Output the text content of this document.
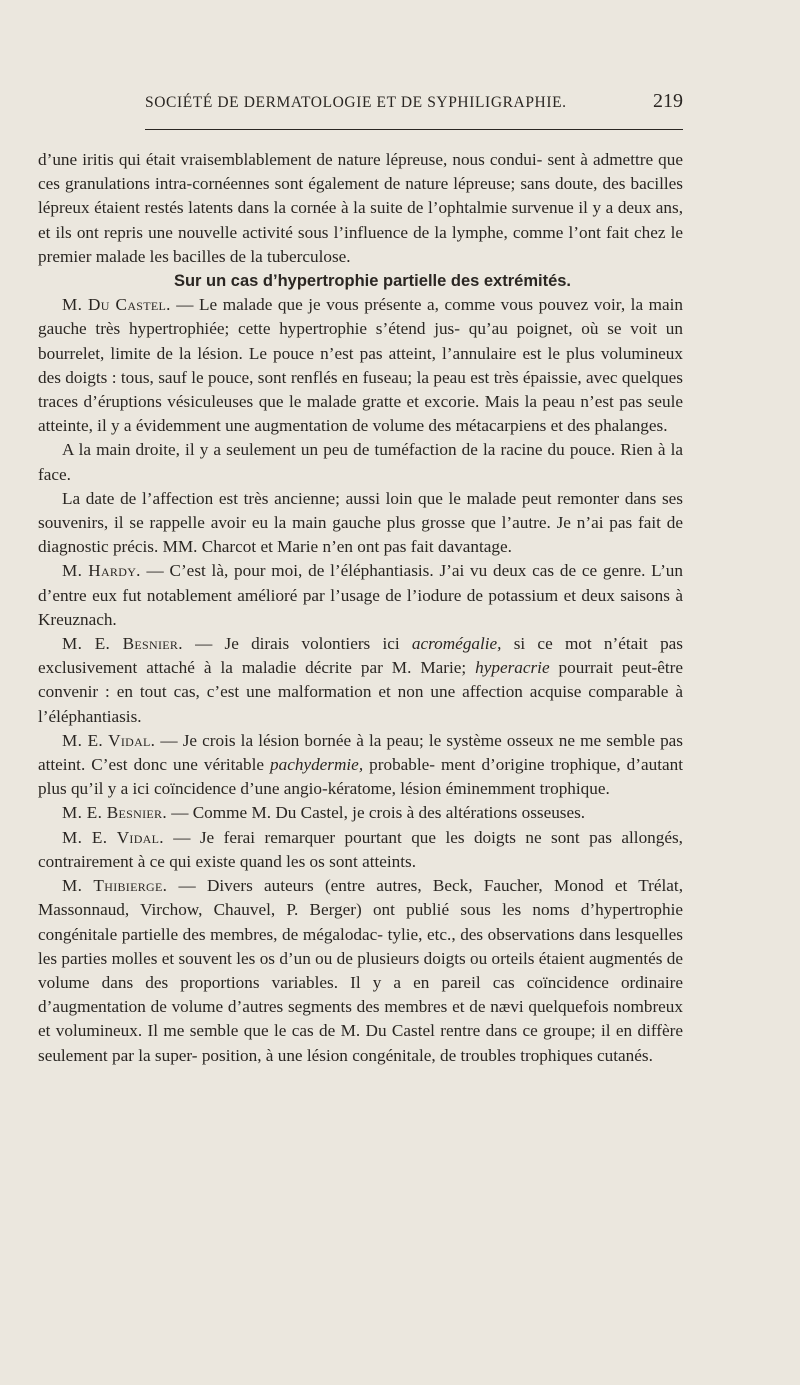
SOCIÉTÉ DE DERMATOLOGIE ET DE SYPHILIGRAPHIE.	219

d’une iritis qui était vraisemblablement de nature lépreuse, nous condui- sent à admettre que ces granulations intra-cornéennes sont également de nature lépreuse; sans doute, des bacilles lépreux étaient restés latents dans la cornée à la suite de l’ophtalmie survenue il y a deux ans, et ils ont repris une nouvelle activité sous l’influence de la lymphe, comme l’ont fait chez le premier malade les bacilles de la tuberculose.

Sur un cas d’hypertrophie partielle des extrémités.

M. Du Castel. — Le malade que je vous présente a, comme vous pouvez voir, la main gauche très hypertrophiée; cette hypertrophie s’étend jus- qu’au poignet, où se voit un bourrelet, limite de la lésion. Le pouce n’est pas atteint, l’annulaire est le plus volumineux des doigts : tous, sauf le pouce, sont renflés en fuseau; la peau est très épaissie, avec quelques traces d’éruptions vésiculeuses que le malade gratte et excorie. Mais la peau n’est pas seule atteinte, il y a évidemment une augmentation de volume des métacarpiens et des phalanges.

A la main droite, il y a seulement un peu de tuméfaction de la racine du pouce. Rien à la face.

La date de l’affection est très ancienne; aussi loin que le malade peut remonter dans ses souvenirs, il se rappelle avoir eu la main gauche plus grosse que l’autre. Je n’ai pas fait de diagnostic précis. MM. Charcot et Marie n’en ont pas fait davantage.

M. Hardy. — C’est là, pour moi, de l’éléphantiasis. J’ai vu deux cas de ce genre. L’un d’entre eux fut notablement amélioré par l’usage de l’iodure de potassium et deux saisons à Kreuznach.

M. E. Besnier. — Je dirais volontiers ici acromégalie, si ce mot n’était pas exclusivement attaché à la maladie décrite par M. Marie; hyperacrie pourrait peut-être convenir : en tout cas, c’est une malformation et non une affection acquise comparable à l’éléphantiasis.

M. E. Vidal. — Je crois la lésion bornée à la peau; le système osseux ne me semble pas atteint. C’est donc une véritable pachydermie, probable- ment d’origine trophique, d’autant plus qu’il y a ici coïncidence d’une angio-kératome, lésion éminemment trophique.

M. E. Besnier. — Comme M. Du Castel, je crois à des altérations osseuses.

M. E. Vidal. — Je ferai remarquer pourtant que les doigts ne sont pas allongés, contrairement à ce qui existe quand les os sont atteints.

M. Thibierge. — Divers auteurs (entre autres, Beck, Faucher, Monod et Trélat, Massonnaud, Virchow, Chauvel, P. Berger) ont publié sous les noms d’hypertrophie congénitale partielle des membres, de mégalodac- tylie, etc., des observations dans lesquelles les parties molles et souvent les os d’un ou de plusieurs doigts ou orteils étaient augmentés de volume dans des proportions variables. Il y a en pareil cas coïncidence ordinaire d’augmentation de volume d’autres segments des membres et de nævi quelquefois nombreux et volumineux. Il me semble que le cas de M. Du Castel rentre dans ce groupe; il en diffère seulement par la super- position, à une lésion congénitale, de troubles trophiques cutanés.
